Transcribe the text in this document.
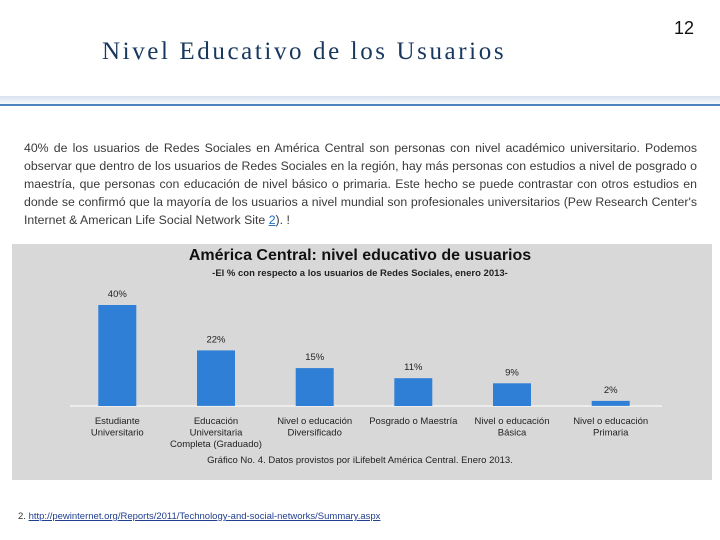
12
Nivel Educativo de los Usuarios
40% de los usuarios de Redes Sociales en América Central son personas con nivel académico universitario. Podemos observar que dentro de los usuarios de Redes Sociales en la región, hay más personas con estudios a nivel de posgrado o maestría, que personas con educación de nivel básico o primaria. Este hecho se puede contrastar con otros estudios en donde se confirmó que la mayoría de los usuarios a nivel mundial son profesionales universitarios (Pew Research Center's Internet & American Life Social Network Site 2). !
América Central: nivel educativo de usuarios
-El % con respecto a los usuarios de Redes Sociales, enero 2013-
40%
Estudiante Universitario
22%
Educación Universitaria Completa (Graduado)
15%
Nivel o educación Diversificado
11%
Posgrado o Maestría
9%
Nivel o educación Básica
2%
Nivel o educación Primaria
Gráfico No. 4. Datos provistos por iLifebelt América Central. Enero 2013.
2. http://pewinternet.org/Reports/2011/Technology-and-social-networks/Summary.aspx
